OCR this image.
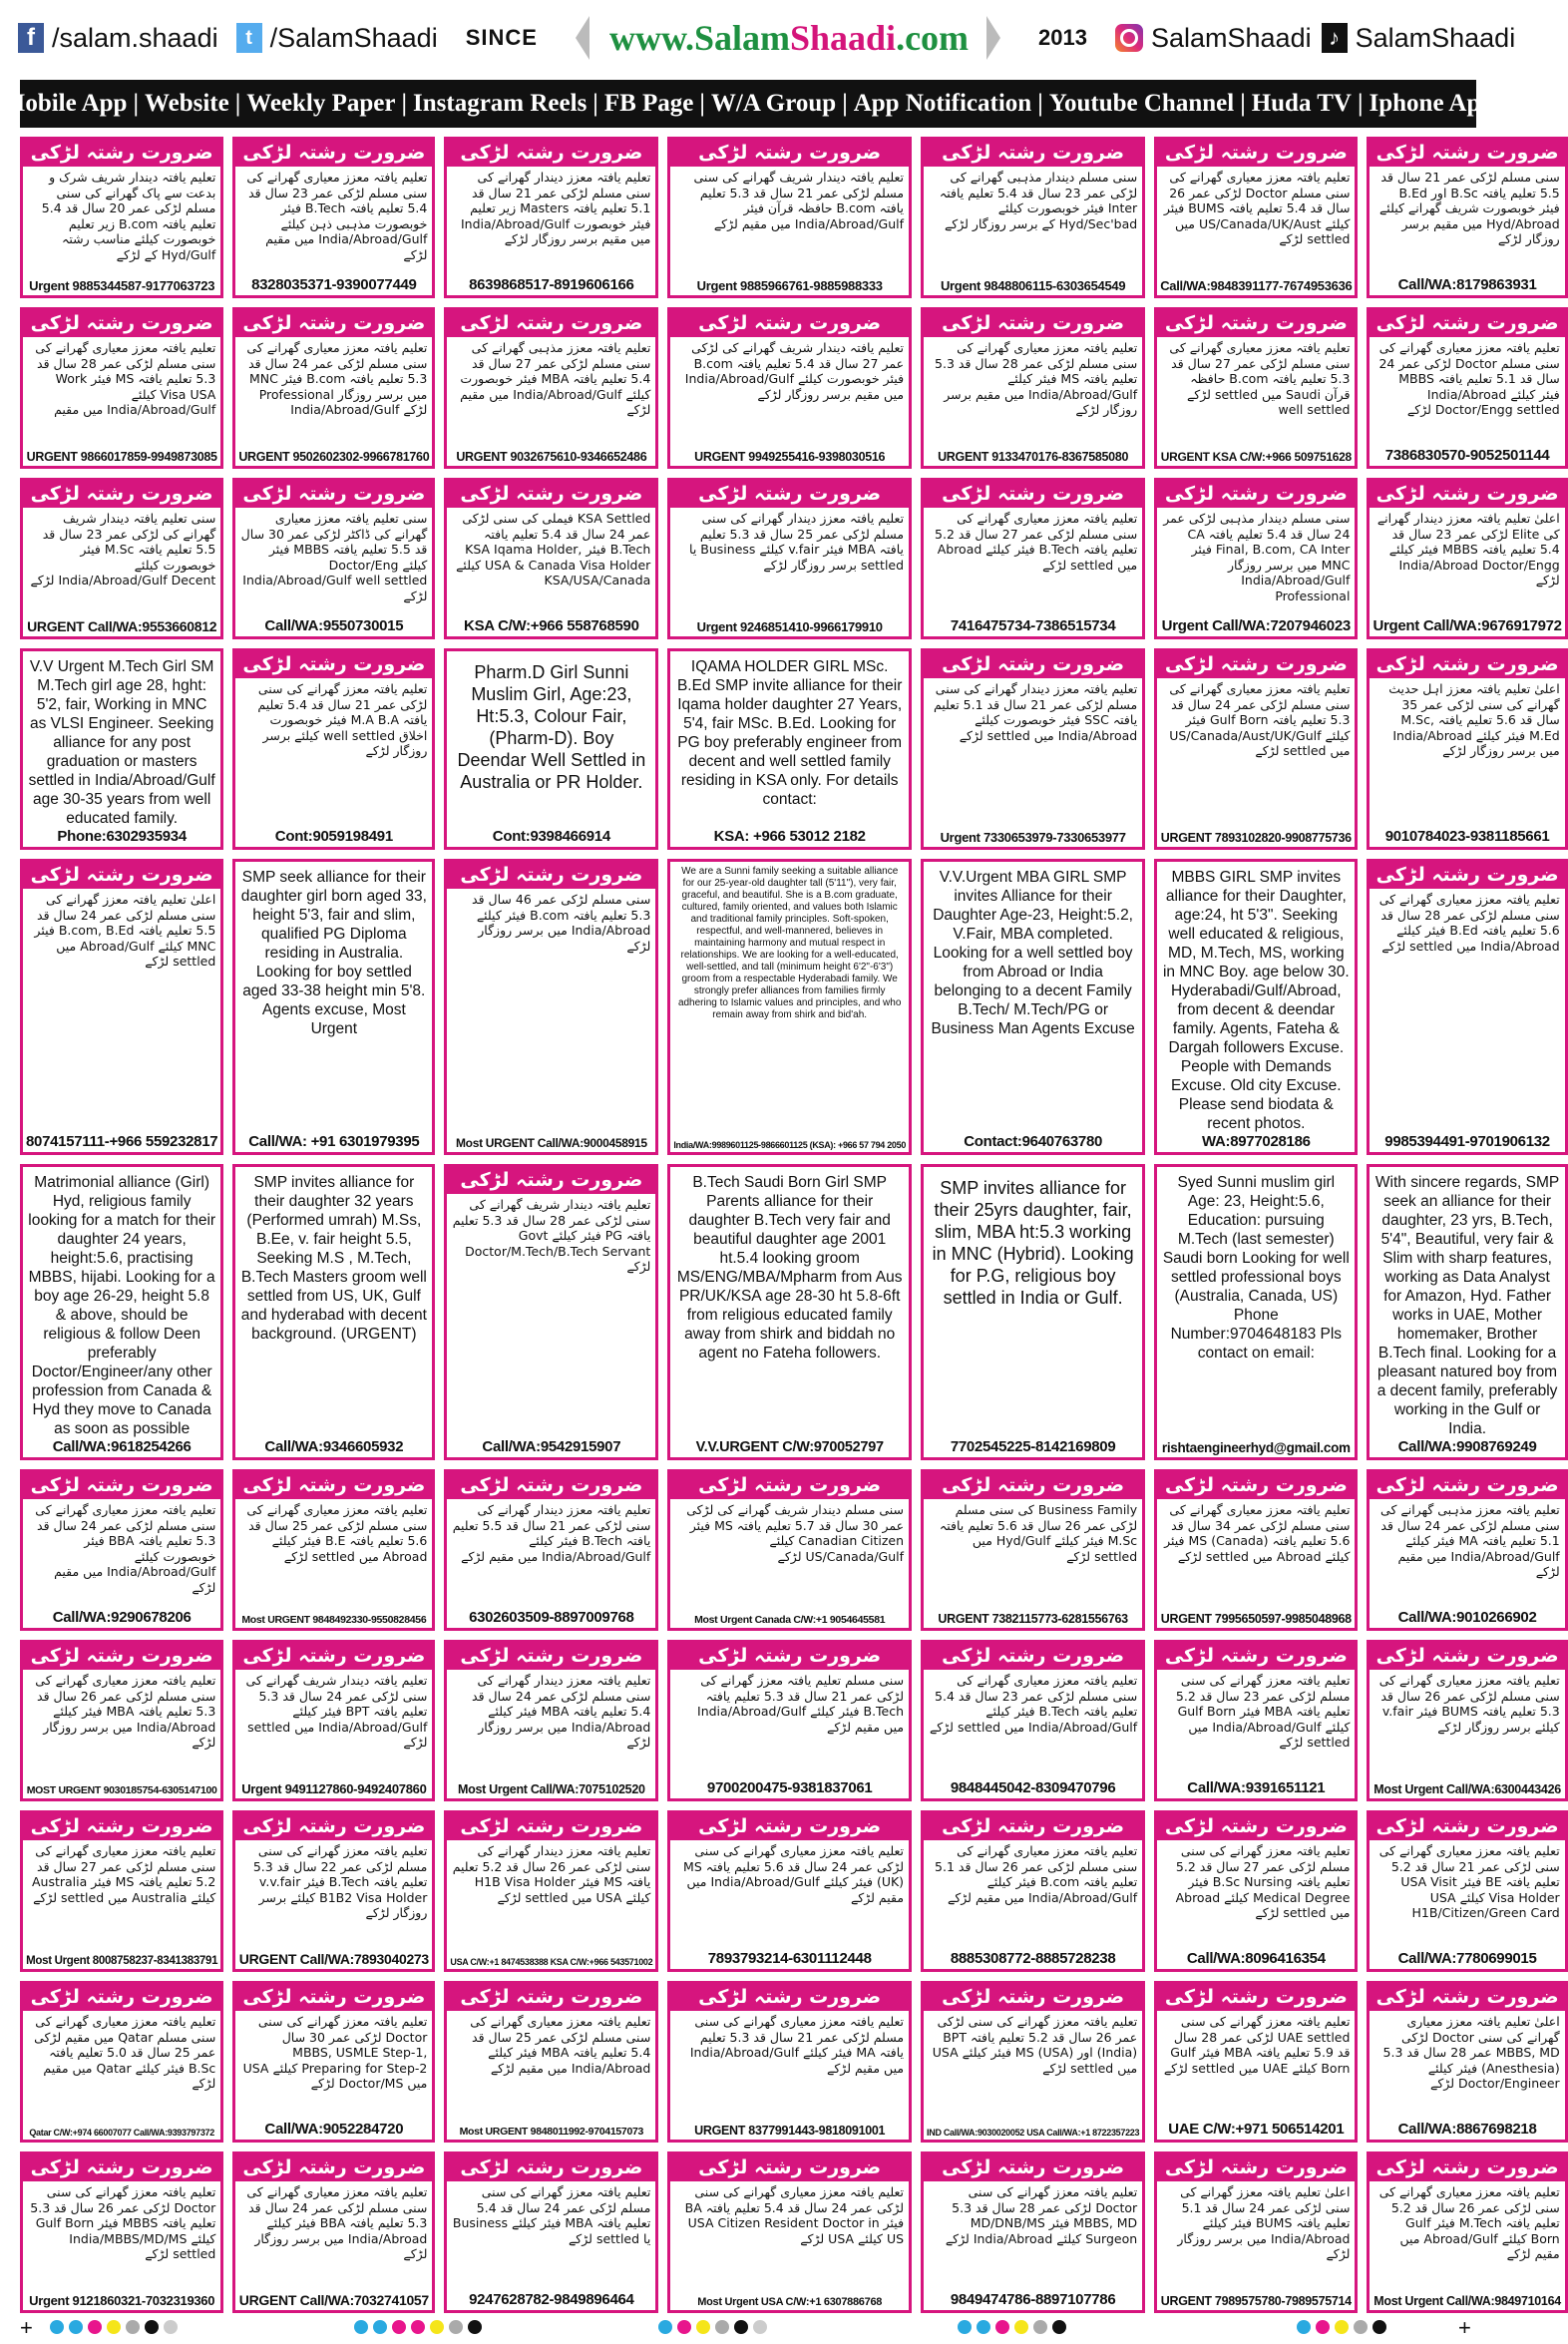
f /salam.shaadi	t /SalamShaadi SINCE www.SalamShaadi.com	2013 SalamShaadi ♪ SalamShaadi
Mobile App | Website | Weekly Paper | Instagram Reels | FB Page | W/A Group | App Notification | Youtube Channel | Huda TV | Iphone App
ضرورت رشتہ لڑکی
تعلیم یافتہ دیندار شریف شرک و بدعت سے پاک گھرانے کی سنی مسلم لڑکی عمر 20 سال قد 5.4 تعلیم یافتہ B.com زیر تعلیم خوبصورت کیلئے مناسب رشتہ Hyd/Gulf کے لڑکے
Urgent 9885344587-9177063723
ضرورت رشتہ لڑکی
تعلیم یافتہ معزز معیاری گھرانے کی سنی مسلم لڑکی عمر 23 سال قد 5.4 تعلیم یافتہ B.Tech فیئر خوبصورت مذہبی ذہن کیلئے India/Abroad/Gulf میں مقیم لڑکے
8328035371-9390077449
ضرورت رشتہ لڑکی
تعلیم یافتہ معزز دیندار گھرانے کی سنی مسلم لڑکی عمر 21 سال قد 5.1 تعلیم یافتہ Masters زیر تعلیم فیئر خوبصورت India/Abroad/Gulf میں مقیم برسر روزگار لڑکے
8639868517-8919606166
ضرورت رشتہ لڑکی
تعلیم یافتہ دیندار شریف گھرانے کی سنی مسلم لڑکی عمر 21 سال قد 5.3 تعلیم یافتہ B.com حافظہ قرآن فیئر India/Abroad/Gulf میں مقیم لڑکے
Urgent 9885966761-9885988333
ضرورت رشتہ لڑکی
سنی مسلم دیندار مذہبی گھرانے کی لڑکی عمر 23 سال قد 5.4 تعلیم یافتہ Inter فیئر خوبصورت کیلئے Hyd/Sec'bad کے برسر روزگار لڑکے
Urgent 9848806115-6303654549
ضرورت رشتہ لڑکی
تعلیم یافتہ معزز معیاری گھرانے کی سنی مسلم Doctor لڑکی عمر 26 سال قد 5.4 تعلیم یافتہ BUMS فیئر کیلئے US/Canada/UK/Aust میں settled لڑکے
Call/WA:9848391177-7674953636
ضرورت رشتہ لڑکی
سنی مسلم لڑکی عمر 21 سال قد 5.5 تعلیم یافتہ B.Sc اور B.Ed فیئر خوبصورت شریف گھرانے کیلئے Hyd/Abroad میں مقیم برسر روزگار لڑکے
Call/WA:8179863931
ضرورت رشتہ لڑکی
تعلیم یافتہ معزز معیاری گھرانے کی سنی مسلم لڑکی عمر 28 سال قد 5.3 تعلیم یافتہ MS فیئر Work Visa USA کیلئے India/Abroad/Gulf میں مقیم
URGENT 9866017859-9949873085
ضرورت رشتہ لڑکی
تعلیم یافتہ معزز معیاری گھرانے کی سنی مسلم لڑکی عمر 24 سال قد 5.3 تعلیم یافتہ B.com فیئر MNC میں برسر روزگار Professional لڑکے India/Abroad/Gulf
URGENT 9502602302-9966781760
ضرورت رشتہ لڑکی
تعلیم یافتہ معزز مذہبی گھرانے کی سنی مسلم لڑکی عمر 27 سال قد 5.4 تعلیم یافتہ MBA فیئر خوبصورت کیلئے India/Abroad/Gulf میں مقیم لڑکے
URGENT 9032675610-9346652486
ضرورت رشتہ لڑکی
تعلیم یافتہ دیندار شریف گھرانے کی لڑکی عمر 27 سال قد 5.4 تعلیم یافتہ B.com فیئر خوبصورت کیلئے India/Abroad/Gulf میں مقیم برسر روزگار لڑکے
URGENT 9949255416-9398030516
ضرورت رشتہ لڑکی
تعلیم یافتہ معزز معیاری گھرانے کی سنی مسلم لڑکی عمر 28 سال قد 5.3 تعلیم یافتہ MS فیئر کیلئے India/Abroad/Gulf میں مقیم برسر روزگار لڑکے
URGENT 9133470176-8367585080
ضرورت رشتہ لڑکی
تعلیم یافتہ معزز معیاری گھرانے کی سنی مسلم لڑکی عمر 27 سال قد 5.3 تعلیم یافتہ B.com حافظہ قرآن Saudi میں settled لڑکے well settled
URGENT KSA C/W:+966 509751628
ضرورت رشتہ لڑکی
تعلیم یافتہ معزز معیاری گھرانے کی سنی مسلم Doctor لڑکی عمر 24 سال قد 5.1 تعلیم یافتہ MBBS فیئر کیلئے India/Abroad Doctor/Engg settled لڑکے
7386830570-9052501144
ضرورت رشتہ لڑکی
سنی تعلیم یافتہ دیندار شریف گھرانے کی لڑکی عمر 23 سال قد 5.5 تعلیم یافتہ M.Sc فیئر خوبصورت کیلئے India/Abroad/Gulf Decent لڑکے
URGENT Call/WA:9553660812
ضرورت رشتہ لڑکی
سنی تعلیم یافتہ معزز معیاری گھرانے کی ڈاکٹر لڑکی عمر 30 سال قد 5.5 تعلیم یافتہ MBBS فیئر کیلئے Doctor/Eng India/Abroad/Gulf well settled لڑکے
Call/WA:9550730015
ضرورت رشتہ لڑکی
KSA Settled فیملی کی سنی لڑکی عمر 24 سال قد 5.4 تعلیم یافتہ B.Tech فیئر KSA Iqama Holder, USA & Canada Visa Holder کیلئے KSA/USA/Canada
KSA C/W:+966 558768590
ضرورت رشتہ لڑکی
تعلیم یافتہ معزز دیندار گھرانے کی سنی مسلم لڑکی عمر 25 سال قد 5.3 تعلیم یافتہ MBA فیئر v.fair کیلئے Business یا settled برسر روزگار لڑکے
Urgent 9246851410-9966179910
ضرورت رشتہ لڑکی
تعلیم یافتہ معزز معیاری گھرانے کی سنی مسلم لڑکی عمر 27 سال قد 5.2 تعلیم یافتہ B.Tech فیئر کیلئے Abroad میں settled لڑکے
7416475734-7386515734
ضرورت رشتہ لڑکی
سنی مسلم دیندار مذہبی لڑکی عمر 24 سال قد 5.4 تعلیم یافتہ CA Final, B.com, CA Inter فیئر MNC میں برسر روزگار India/Abroad/Gulf Professional
Urgent Call/WA:7207946023
ضرورت رشتہ لڑکی
اعلیٰ تعلیم یافتہ معزز دیندار گھرانے کی Elite لڑکی عمر 23 سال قد 5.4 تعلیم یافتہ MBBS فیئر کیلئے India/Abroad Doctor/Engg لڑکے
Urgent Call/WA:9676917972
V.V Urgent M.Tech Girl SM M.Tech girl age 28, hght: 5'2, fair, Working in MNC as VLSI Engineer. Seeking alliance for any post graduation or masters settled in India/Abroad/Gulf age 30-35 years from well educated family.
Phone:6302935934
ضرورت رشتہ لڑکی
تعلیم یافتہ معزز گھرانے کی سنی لڑکی عمر 21 سال قد 5.4 تعلیم یافتہ M.A B.A فیئر خوبصورت اخلاق well settled کیلئے برسر روزگار لڑکے
Cont:9059198491
Pharm.D Girl Sunni Muslim Girl, Age:23, Ht:5.3, Colour Fair, (Pharm-D). Boy Deendar Well Settled in Australia or PR Holder.
Cont:9398466914
IQAMA HOLDER GIRL MSc. B.Ed SMP invite alliance for their Iqama holder daughter 27 Years, 5'4, fair MSc. B.Ed. Looking for PG boy preferably engineer from decent and well settled family residing in KSA only. For details contact:
KSA: +966 53012 2182
ضرورت رشتہ لڑکی
تعلیم یافتہ معزز دیندار گھرانے کی سنی مسلم لڑکی عمر 21 سال قد 5.1 تعلیم یافتہ SSC فیئر خوبصورت کیلئے India/Abroad میں settled لڑکے
Urgent 7330653979-7330653977
ضرورت رشتہ لڑکی
تعلیم یافتہ معزز معیاری گھرانے کی سنی مسلم لڑکی عمر 24 سال قد 5.3 تعلیم یافتہ Gulf Born فیئر کیلئے US/Canada/Aust/UK/Gulf میں settled لڑکے
URGENT 7893102820-9908775736
ضرورت رشتہ لڑکی
اعلیٰ تعلیم یافتہ معزز اہل حدیث گھرانے کی سنی لڑکی عمر 35 سال قد 5.6 تعلیم یافتہ M.Sc, M.Ed فیئر کیلئے India/Abroad میں برسر روزگار لڑکے
9010784023-9381185661
ضرورت رشتہ لڑکی
اعلیٰ تعلیم یافتہ معزز گھرانے کی سنی مسلم لڑکی عمر 24 سال قد 5.5 تعلیم یافتہ B.com, B.Ed فیئر MNC کیلئے Abroad/Gulf میں settled لڑکے
8074157111-+966 559232817
SMP seek alliance for their daughter girl born aged 33, height 5'3, fair and slim, qualified PG Diploma residing in Australia. Looking for boy settled aged 33-38 height min 5'8. Agents excuse, Most Urgent
Call/WA: +91 6301979395
ضرورت رشتہ لڑکی
سنی مسلم لڑکی عمر 46 سال قد 5.3 تعلیم یافتہ B.com فیئر کیلئے India/Abroad میں برسر روزگار لڑکے
Most URGENT Call/WA:9000458915
We are a Sunni family seeking a suitable alliance for our 25-year-old daughter tall (5'11"), very fair, graceful, and beautiful. She is a B.com graduate, cultured, family oriented, and values both Islamic and traditional family principles. Soft-spoken, respectful, and well-mannered, believes in maintaining harmony and mutual respect in relationships. We are looking for a well-educated, well-settled, and tall (minimum height 6'2"-6'3") groom from a respectable Hyderabadi family. We strongly prefer alliances from families firmly adhering to Islamic values and principles, and who remain away from shirk and bid'ah.
India/WA:9989601125-9866601125 (KSA): +966 57 794 2050
V.V.Urgent MBA GIRL SMP invites Alliance for their Daughter Age-23, Height:5.2, V.Fair, MBA completed. Looking for a well settled boy from Abroad or India belonging to a decent Family B.Tech/ M.Tech/PG or Business Man Agents Excuse
Contact:9640763780
MBBS GIRL SMP invites alliance for their Daughter, age:24, ht 5'3". Seeking well educated & religious, MD, M.Tech, MS, working in MNC Boy. age below 30. Hyderabadi/Gulf/Abroad, from decent & deendar family. Agents, Fateha & Dargah followers Excuse. People with Demands Excuse. Old city Excuse. Please send biodata & recent photos.
WA:8977028186
ضرورت رشتہ لڑکی
تعلیم یافتہ معزز معیاری گھرانے کی سنی مسلم لڑکی عمر 28 سال قد 5.6 تعلیم یافتہ B.Ed فیئر کیلئے India/Abroad میں settled لڑکے
9985394491-9701906132
Matrimonial alliance (Girl) Hyd, religious family looking for a match for their daughter 24 years, height:5.6, practising MBBS, hijabi. Looking for a boy age 26-29, height 5.8 & above, should be religious & follow Deen preferably Doctor/Engineer/any other profession from Canada & Hyd they move to Canada as soon as possible
Call/WA:9618254266
SMP invites alliance for their daughter 32 years (Performed umrah) M.Ss, B.Ee, v. fair height 5.5, Seeking M.S , M.Tech, B.Tech Masters groom well settled from US, UK, Gulf and hyderabad with decent background. (URGENT)
Call/WA:9346605932
ضرورت رشتہ لڑکی
تعلیم یافتہ دیندار شریف گھرانے کی سنی لڑکی عمر 28 سال قد 5.3 تعلیم یافتہ PG فیئر کیلئے Govt Doctor/M.Tech/B.Tech Servant لڑکے
Call/WA:9542915907
B.Tech Saudi Born Girl SMP Parents alliance for their daughter B.Tech very fair and beautiful daughter age 2001 ht.5.4 looking groom MS/ENG/MBA/Mpharm from Aus PR/UK/KSA age 28-30 ht 5.8-6ft from religious educated family away from shirk and biddah no agent no Fateha followers.
V.V.URGENT C/W:970052797
SMP invites alliance for their 25yrs daughter, fair, slim, MBA ht:5.3 working in MNC (Hybrid). Looking for P.G, religious boy settled in India or Gulf.
7702545225-8142169809
Syed Sunni muslim girl Age: 23, Height:5.6, Education: pursuing M.Tech (last semester) Saudi born Looking for well settled professional boys (Australia, Canada, US) Phone Number:9704648183 Pls contact on email:
rishtaengineerhyd@gmail.com
With sincere regards, SMP seek an alliance for their daughter, 23 yrs, B.Tech, 5'4", Beautiful, very fair & Slim with sharp features, working as Data Analyst for Amazon, Hyd. Father works in UAE, Mother homemaker, Brother B.Tech final. Looking for a pleasant natured boy from a decent family, preferably working in the Gulf or India.
Call/WA:9908769249
ضرورت رشتہ لڑکی
تعلیم یافتہ معزز معیاری گھرانے کی سنی مسلم لڑکی عمر 24 سال قد 5.3 تعلیم یافتہ BBA فیئر خوبصورت کیلئے India/Abroad/Gulf میں مقیم لڑکے
Call/WA:9290678206
ضرورت رشتہ لڑکی
تعلیم یافتہ معزز معیاری گھرانے کی سنی مسلم لڑکی عمر 25 سال قد 5.6 تعلیم یافتہ B.E فیئر کیلئے Abroad میں settled لڑکے
Most URGENT 9848492330-9550828456
ضرورت رشتہ لڑکی
تعلیم یافتہ معزز دیندار گھرانے کی سنی لڑکی عمر 21 سال قد 5.5 تعلیم یافتہ B.Tech فیئر کیلئے India/Abroad/Gulf میں مقیم لڑکے
6302603509-8897009768
ضرورت رشتہ لڑکی
سنی مسلم دیندار شریف گھرانے کی لڑکی عمر 30 سال قد 5.7 تعلیم یافتہ MS فیئر Canadian Citizen کیلئے US/Canada/Gulf لڑکے
Most Urgent Canada C/W:+1 9054645581
ضرورت رشتہ لڑکی
Business Family کی سنی مسلم لڑکی عمر 26 سال قد 5.6 تعلیم یافتہ M.Sc فیئر کیلئے Hyd/Gulf میں settled لڑکے
URGENT 7382115773-6281556763
ضرورت رشتہ لڑکی
تعلیم یافتہ معزز معیاری گھرانے کی سنی مسلم لڑکی عمر 34 سال قد 5.6 تعلیم یافتہ MS (Canada) فیئر کیلئے Abroad میں settled لڑکے
URGENT 7995650597-9985048968
ضرورت رشتہ لڑکی
تعلیم یافتہ معزز مذہبی گھرانے کی سنی مسلم لڑکی عمر 24 سال قد 5.1 تعلیم یافتہ MA فیئر کیلئے India/Abroad/Gulf میں مقیم لڑکے
Call/WA:9010266902
ضرورت رشتہ لڑکی
تعلیم یافتہ معزز معیاری گھرانے کی سنی مسلم لڑکی عمر 26 سال قد 5.3 تعلیم یافتہ MBA فیئر کیلئے India/Abroad میں برسر روزگار لڑکے
MOST URGENT 9030185754-6305147100
ضرورت رشتہ لڑکی
تعلیم یافتہ دیندار شریف گھرانے کی سنی لڑکی عمر 24 سال قد 5.3 تعلیم یافتہ BPT فیئر کیلئے India/Abroad/Gulf میں settled لڑکے
Urgent 9491127860-9492407860
ضرورت رشتہ لڑکی
تعلیم یافتہ معزز دیندار گھرانے کی سنی مسلم لڑکی عمر 24 سال قد 5.4 تعلیم یافتہ MBA فیئر کیلئے India/Abroad میں برسر روزگار لڑکے
Most Urgent Call/WA:7075102520
ضرورت رشتہ لڑکی
سنی مسلم تعلیم یافتہ معزز گھرانے کی لڑکی عمر 21 سال قد 5.3 تعلیم یافتہ B.Tech فیئر کیلئے India/Abroad/Gulf میں مقیم لڑکے
9700200475-9381837061
ضرورت رشتہ لڑکی
تعلیم یافتہ معزز معیاری گھرانے کی سنی مسلم لڑکی عمر 23 سال قد 5.4 تعلیم یافتہ B.Tech فیئر کیلئے India/Abroad/Gulf میں settled لڑکے
9848445042-8309470796
ضرورت رشتہ لڑکی
تعلیم یافتہ معزز گھرانے کی سنی مسلم لڑکی عمر 23 سال قد 5.2 تعلیم یافتہ MBA فیئر Gulf Born کیلئے India/Abroad/Gulf میں settled لڑکے
Call/WA:9391651121
ضرورت رشتہ لڑکی
تعلیم یافتہ معزز معیاری گھرانے کی سنی مسلم لڑکی عمر 26 سال قد 5.3 تعلیم یافتہ BUMS فیئر v.fair کیلئے برسر روزگار لڑکے
Most Urgent Call/WA:6300443426
ضرورت رشتہ لڑکی
تعلیم یافتہ معزز معیاری گھرانے کی سنی مسلم لڑکی عمر 27 سال قد 5.2 تعلیم یافتہ MS فیئر Australia کیلئے Australia میں settled لڑکے
Most Urgent 8008758237-8341383791
ضرورت رشتہ لڑکی
تعلیم یافتہ معزز گھرانے کی سنی مسلم لڑکی عمر 22 سال قد 5.3 تعلیم یافتہ B.Tech فیئر v.v.fair B1B2 Visa Holder کیلئے برسر روزگار لڑکے
URGENT Call/WA:7893040273
ضرورت رشتہ لڑکی
تعلیم یافتہ معزز دیندار گھرانے کی سنی لڑکی عمر 26 سال قد 5.2 تعلیم یافتہ MS فیئر H1B Visa Holder کیلئے USA میں settled لڑکے
USA C/W:+1 8474538388 KSA C/W:+966 543571002
ضرورت رشتہ لڑکی
تعلیم یافتہ معزز معیاری گھرانے کی سنی لڑکی عمر 24 سال قد 5.6 تعلیم یافتہ MS (UK) فیئر کیلئے India/Abroad/Gulf میں مقیم لڑکے
7893793214-6301112448
ضرورت رشتہ لڑکی
تعلیم یافتہ معزز معیاری گھرانے کی سنی مسلم لڑکی عمر 26 سال قد 5.1 تعلیم یافتہ B.com فیئر کیلئے India/Abroad/Gulf میں مقیم لڑکے
8885308772-8885728238
ضرورت رشتہ لڑکی
تعلیم یافتہ معزز گھرانے کی سنی مسلم لڑکی عمر 27 سال قد 5.2 تعلیم یافتہ B.Sc Nursing فیئر Medical Degree کیلئے Abroad میں settled لڑکے
Call/WA:8096416354
ضرورت رشتہ لڑکی
تعلیم یافتہ معزز معیاری گھرانے کی سنی لڑکی عمر 21 سال قد 5.2 تعلیم یافتہ BE فیئر USA Visit Visa Holder کیلئے USA H1B/Citizen/Green Card
Call/WA:7780699015
ضرورت رشتہ لڑکی
تعلیم یافتہ معزز معیاری گھرانے کی سنی مسلم Qatar میں مقیم لڑکی عمر 25 سال قد 5.0 تعلیم یافتہ B.Sc فیئر کیلئے Qatar میں مقیم لڑکے
Qatar C/W:+974 66007077 Call/WA:9393797372
ضرورت رشتہ لڑکی
تعلیم یافتہ معزز گھرانے کی سنی Doctor لڑکی عمر 30 سال MBBS, USMLE Step-1, Preparing for Step-2 کیلئے USA میں Doctor/MS لڑکے
Call/WA:9052284720
ضرورت رشتہ لڑکی
تعلیم یافتہ معزز معیاری گھرانے کی سنی مسلم لڑکی عمر 25 سال قد 5.4 تعلیم یافتہ MBA فیئر کیلئے India/Abroad میں مقیم لڑکے
Most URGENT 9848011992-9704157073
ضرورت رشتہ لڑکی
تعلیم یافتہ معزز معیاری گھرانے کی سنی مسلم لڑکی عمر 21 سال قد 5.3 تعلیم یافتہ MA فیئر کیلئے India/Abroad/Gulf میں مقیم لڑکے
URGENT 8377991443-9818091001
ضرورت رشتہ لڑکی
تعلیم یافتہ معزز گھرانے کی سنی لڑکی عمر 26 سال قد 5.2 تعلیم یافتہ BPT (India) اور MS (USA) فیئر کیلئے USA میں settled لڑکے
IND Call/WA:9030020052 USA Call/WA:+1 8722357223
ضرورت رشتہ لڑکی
تعلیم یافتہ معزز گھرانے کی سنی UAE settled لڑکی عمر 28 سال قد 5.9 تعلیم یافتہ MBA فیئر Gulf Born کیلئے UAE میں settled لڑکے
UAE C/W:+971 506514201
ضرورت رشتہ لڑکی
اعلیٰ تعلیم یافتہ معزز معیاری گھرانے کی سنی Doctor لڑکی MBBS, MD عمر 28 سال قد 5.3 (Anesthesia) فیئر کیلئے Doctor/Engineer لڑکے
Call/WA:8867698218
ضرورت رشتہ لڑکی
تعلیم یافتہ معزز گھرانے کی سنی Doctor لڑکی عمر 26 سال قد 5.3 تعلیم یافتہ MBBS فیئر Gulf Born کیلئے India/MBBS/MD/MS settled لڑکے
Urgent 9121860321-7032319360
ضرورت رشتہ لڑکی
تعلیم یافتہ معزز معیاری گھرانے کی سنی مسلم لڑکی عمر 24 سال قد 5.3 تعلیم یافتہ BBA فیئر کیلئے India/Abroad میں برسر روزگار لڑکے
URGENT Call/WA:7032741057
ضرورت رشتہ لڑکی
تعلیم یافتہ معزز گھرانے کی سنی مسلم لڑکی عمر 24 سال قد 5.4 تعلیم یافتہ MBA فیئر کیلئے Business یا settled لڑکے
9247628782-9849896464
ضرورت رشتہ لڑکی
تعلیم یافتہ معزز معیاری گھرانے کی سنی لڑکی عمر 24 سال قد 5.4 تعلیم یافتہ BA فیئر USA Citizen Resident Doctor in US کیلئے USA لڑکے
Most Urgent USA C/W:+1 6307886768
ضرورت رشتہ لڑکی
تعلیم یافتہ معزز گھرانے کی سنی Doctor لڑکی عمر 28 سال قد 5.3 MBBS, MD فیئر MD/DNB/MS Surgeon کیلئے India/Abroad لڑکے
9849474786-8897107786
ضرورت رشتہ لڑکی
اعلیٰ تعلیم یافتہ معزز گھرانے کی سنی لڑکی عمر 24 سال قد 5.1 تعلیم یافتہ BUMS فیئر کیلئے India/Abroad میں برسر روزگار لڑکے
URGENT 7989575780-7989575714
ضرورت رشتہ لڑکی
تعلیم یافتہ معزز معیاری گھرانے کی سنی لڑکی عمر 26 سال قد 5.2 تعلیم یافتہ M.Tech فیئر Gulf Born کیلئے Abroad/Gulf میں مقیم لڑکے
Most Urgent Call/WA:9849710164
+	+
